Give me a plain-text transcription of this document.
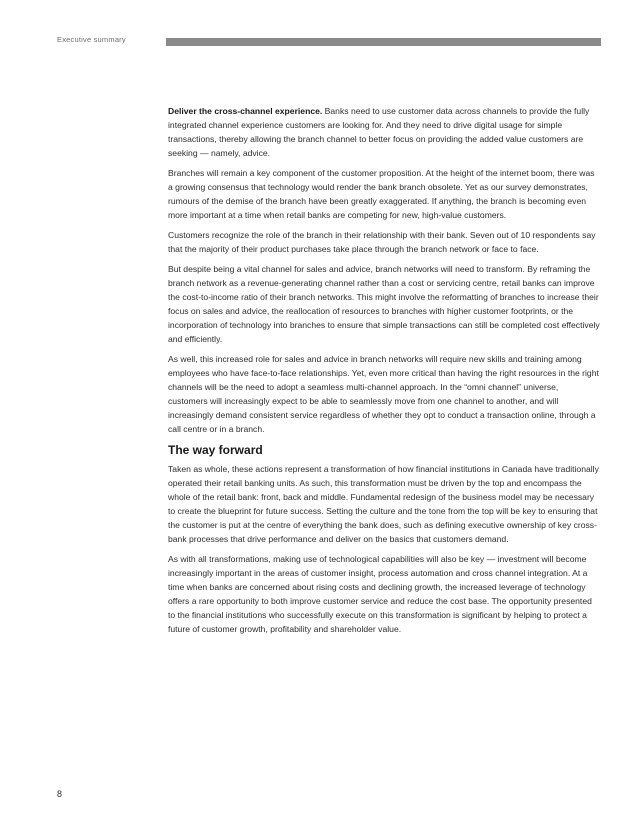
Executive summary

Deliver the cross-channel experience. Banks need to use customer data across channels to provide the fully integrated channel experience customers are looking for. And they need to drive digital usage for simple transactions, thereby allowing the branch channel to better focus on providing the added value customers are seeking — namely, advice.

Branches will remain a key component of the customer proposition. At the height of the internet boom, there was a growing consensus that technology would render the bank branch obsolete. Yet as our survey demonstrates, rumours of the demise of the branch have been greatly exaggerated. If anything, the branch is becoming even more important at a time when retail banks are competing for new, high-value customers.

Customers recognize the role of the branch in their relationship with their bank. Seven out of 10 respondents say that the majority of their product purchases take place through the branch network or face to face.

But despite being a vital channel for sales and advice, branch networks will need to transform. By reframing the branch network as a revenue-generating channel rather than a cost or servicing centre, retail banks can improve the cost-to-income ratio of their branch networks. This might involve the reformatting of branches to increase their focus on sales and advice, the reallocation of resources to branches with higher customer footprints, or the incorporation of technology into branches to ensure that simple transactions can still be completed cost effectively and efficiently.

As well, this increased role for sales and advice in branch networks will require new skills and training among employees who have face-to-face relationships. Yet, even more critical than having the right resources in the right channels will be the need to adopt a seamless multi-channel approach. In the “omni channel” universe, customers will increasingly expect to be able to seamlessly move from one channel to another, and will increasingly demand consistent service regardless of whether they opt to conduct a transaction online, through a call centre or in a branch.

The way forward

Taken as whole, these actions represent a transformation of how financial institutions in Canada have traditionally operated their retail banking units. As such, this transformation must be driven by the top and encompass the whole of the retail bank: front, back and middle. Fundamental redesign of the business model may be necessary to create the blueprint for future success. Setting the culture and the tone from the top will be key to ensuring that the customer is put at the centre of everything the bank does, such as defining executive ownership of key cross-bank processes that drive performance and deliver on the basics that customers demand.

As with all transformations, making use of technological capabilities will also be key — investment will become increasingly important in the areas of customer insight, process automation and cross channel integration. At a time when banks are concerned about rising costs and declining growth, the increased leverage of technology offers a rare opportunity to both improve customer service and reduce the cost base. The opportunity presented to the financial institutions who successfully execute on this transformation is significant by helping to protect a future of customer growth, profitability and shareholder value.

8
